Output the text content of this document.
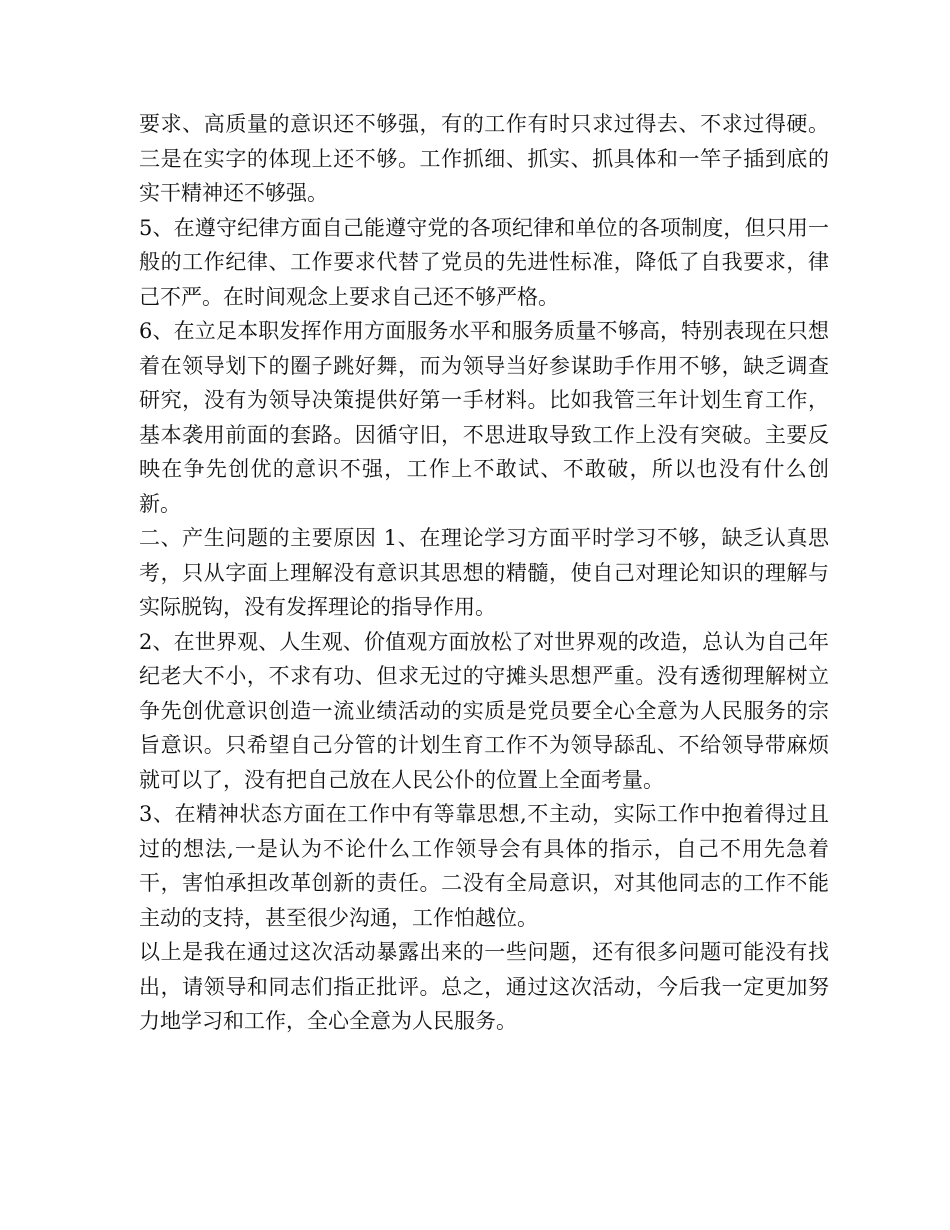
要求、高质量的意识还不够强，有的工作有时只求过得去、不求过得硬。三是在实字的体现上还不够。工作抓细、抓实、抓具体和一竿子插到底的实干精神还不够强。

5、在遵守纪律方面自己能遵守党的各项纪律和单位的各项制度，但只用一般的工作纪律、工作要求代替了党员的先进性标准，降低了自我要求，律己不严。在时间观念上要求自己还不够严格。

6、在立足本职发挥作用方面服务水平和服务质量不够高，特别表现在只想着在领导划下的圈子跳好舞，而为领导当好参谋助手作用不够，缺乏调查研究，没有为领导决策提供好第一手材料。比如我管三年计划生育工作，基本袭用前面的套路。因循守旧，不思进取导致工作上没有突破。主要反映在争先创优的意识不强，工作上不敢试、不敢破，所以也没有什么创新。

二、产生问题的主要原因 1、在理论学习方面平时学习不够，缺乏认真思考，只从字面上理解没有意识其思想的精髓，使自己对理论知识的理解与实际脱钩，没有发挥理论的指导作用。

2、在世界观、人生观、价值观方面放松了对世界观的改造，总认为自己年纪老大不小，不求有功、但求无过的守摊头思想严重。没有透彻理解树立争先创优意识创造一流业绩活动的实质是党员要全心全意为人民服务的宗旨意识。只希望自己分管的计划生育工作不为领导舔乱、不给领导带麻烦就可以了，没有把自己放在人民公仆的位置上全面考量。

3、在精神状态方面在工作中有等靠思想,不主动，实际工作中抱着得过且过的想法,一是认为不论什么工作领导会有具体的指示，自己不用先急着干，害怕承担改革创新的责任。二没有全局意识，对其他同志的工作不能主动的支持，甚至很少沟通，工作怕越位。

以上是我在通过这次活动暴露出来的一些问题，还有很多问题可能没有找出，请领导和同志们指正批评。总之，通过这次活动，今后我一定更加努力地学习和工作，全心全意为人民服务。
